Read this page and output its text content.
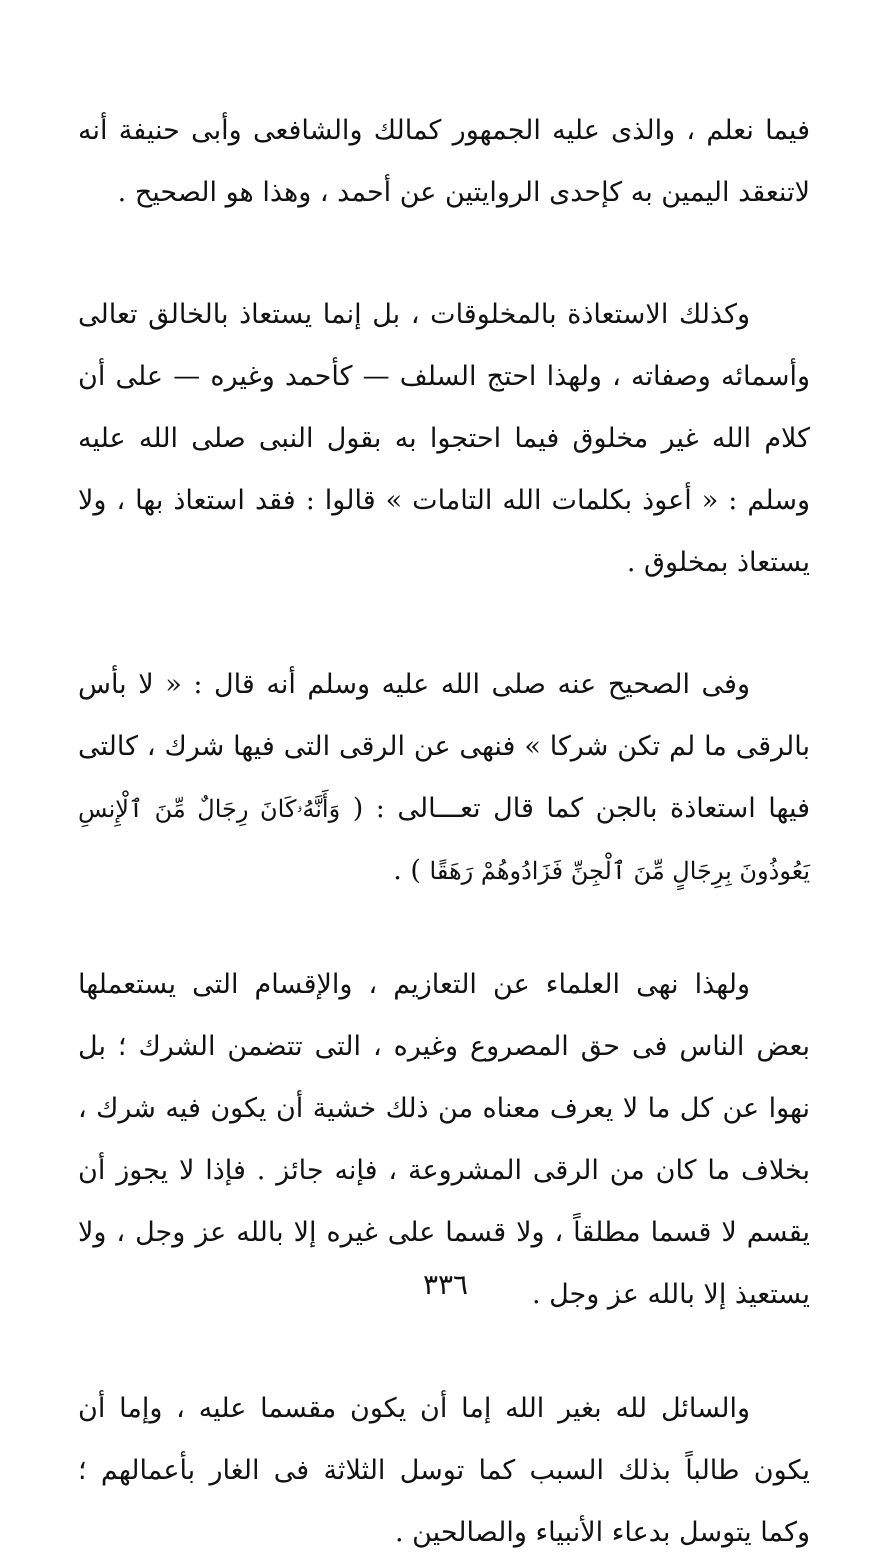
فيما نعلم ، والذى عليه الجمهور كمالك والشافعى وأبى حنيفة أنه لاتنعقد اليمين به كإحدى الروايتين عن أحمد ، وهذا هو الصحيح .

وكذلك الاستعاذة بالمخلوقات ، بل إنما يستعاذ بالخالق تعالى وأسمائه وصفاته ، ولهذا احتج السلف — كأحمد وغيره — على أن كلام الله غير مخلوق فيما احتجوا به بقول النبى صلى الله عليه وسلم : « أعوذ بكلمات الله التامات » قالوا : فقد استعاذ بها ، ولا يستعاذ بمخلوق .

وفى الصحيح عنه صلى الله عليه وسلم أنه قال : « لا بأس بالرقى ما لم تكن شركا » فنهى عن الرقى التى فيها شرك ، كالتى فيها استعاذة بالجن كما قال تعـــالى : ( وَأَنَّهُۥكَانَ رِجَالٌ مِّنَ ٱلْإِنسِ يَعُوذُونَ بِرِجَالٍ مِّنَ ٱلْجِنِّ فَزَادُوهُمْ رَهَقًا ) .

ولهذا نهى العلماء عن التعازيم ، والإقسام التى يستعملها بعض الناس فى حق المصروع وغيره ، التى تتضمن الشرك ؛ بل نهوا عن كل ما لا يعرف معناه من ذلك خشية أن يكون فيه شرك ، بخلاف ما كان من الرقى المشروعة ، فإنه جائز . فإذا لا يجوز أن يقسم لا قسما مطلقاً ، ولا قسما على غيره إلا بالله عز وجل ، ولا يستعيذ إلا بالله عز وجل .

والسائل لله بغير الله إما أن يكون مقسما عليه ، وإما أن يكون طالباً بذلك السبب كما توسل الثلاثة فى الغار بأعمالهم ؛ وكما يتوسل بدعاء الأنبياء والصالحين .

٣٣٦
